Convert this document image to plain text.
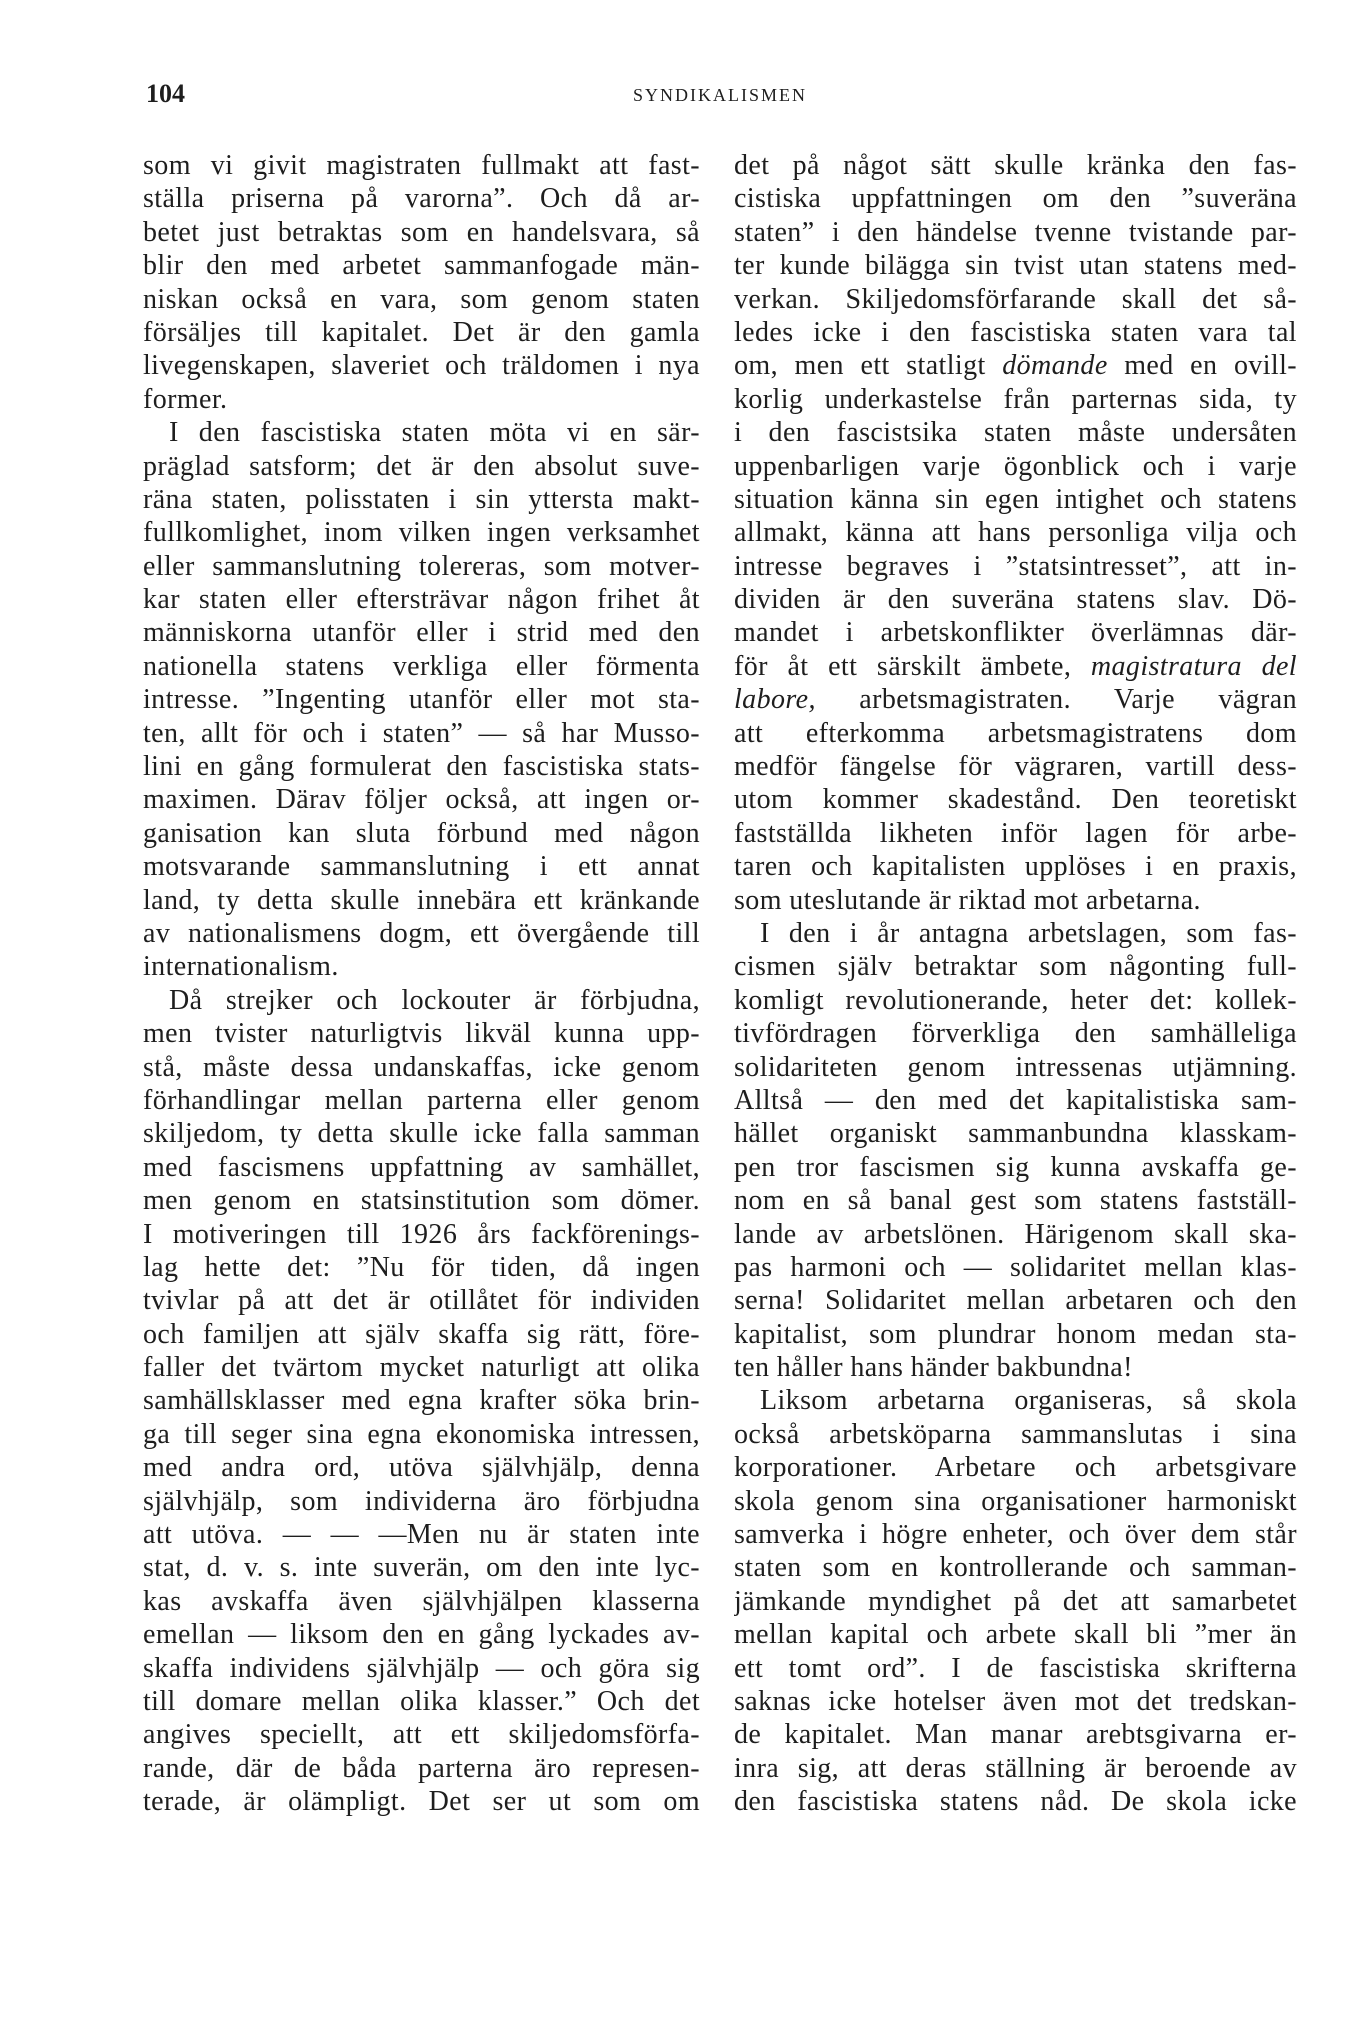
104	SYNDIKALISMEN
som vi givit magistraten fullmakt att fast-
ställa priserna på varorna”. Och då ar-
betet just betraktas som en handelsvara, så
blir den med arbetet sammanfogade män-
niskan också en vara, som genom staten
försäljes till kapitalet. Det är den gamla
livegenskapen, slaveriet och träldomen i nya
former.
I den fascistiska staten möta vi en sär-
präglad satsform; det är den absolut suve-
räna staten, polisstaten i sin yttersta makt-
fullkomlighet, inom vilken ingen verksamhet
eller sammanslutning tolereras, som motver-
kar staten eller eftersträvar någon frihet åt
människorna utanför eller i strid med den
nationella statens verkliga eller förmenta
intresse. ”Ingenting utanför eller mot sta-
ten, allt för och i staten” — så har Musso-
lini en gång formulerat den fascistiska stats-
maximen. Därav följer också, att ingen or-
ganisation kan sluta förbund med någon
motsvarande sammanslutning i ett annat
land, ty detta skulle innebära ett kränkande
av nationalismens dogm, ett övergående till
internationalism.
Då strejker och lockouter är förbjudna,
men tvister naturligtvis likväl kunna upp-
stå, måste dessa undanskaffas, icke genom
förhandlingar mellan parterna eller genom
skiljedom, ty detta skulle icke falla samman
med fascismens uppfattning av samhället,
men genom en statsinstitution som dömer.
I motiveringen till 1926 års fackförenings-
lag hette det: ”Nu för tiden, då ingen
tvivlar på att det är otillåtet för individen
och familjen att själv skaffa sig rätt, före-
faller det tvärtom mycket naturligt att olika
samhällsklasser med egna krafter söka brin-
ga till seger sina egna ekonomiska intressen,
med andra ord, utöva självhjälp, denna
självhjälp, som individerna äro förbjudna
att utöva. — — —Men nu är staten inte
stat, d. v. s. inte suverän, om den inte lyc-
kas avskaffa även självhjälpen klasserna
emellan — liksom den en gång lyckades av-
skaffa individens självhjälp — och göra sig
till domare mellan olika klasser.” Och det
angives speciellt, att ett skiljedomsförfa-
rande, där de båda parterna äro represen-
terade, är olämpligt. Det ser ut som om
det på något sätt skulle kränka den fas-
cistiska uppfattningen om den ”suveräna
staten” i den händelse tvenne tvistande par-
ter kunde bilägga sin tvist utan statens med-
verkan. Skiljedomsförfarande skall det så-
ledes icke i den fascistiska staten vara tal
om, men ett statligt dömande med en ovill-
korlig underkastelse från parternas sida, ty
i den fascistsika staten måste undersåten
uppenbarligen varje ögonblick och i varje
situation känna sin egen intighet och statens
allmakt, känna att hans personliga vilja och
intresse begraves i ”statsintresset”, att in-
dividen är den suveräna statens slav. Dö-
mandet i arbetskonflikter överlämnas där-
för åt ett särskilt ämbete, magistratura del
labore, arbetsmagistraten. Varje vägran
att efterkomma arbetsmagistratens dom
medför fängelse för vägraren, vartill dess-
utom kommer skadestånd. Den teoretiskt
fastställda likheten inför lagen för arbe-
taren och kapitalisten upplöses i en praxis,
som uteslutande är riktad mot arbetarna.
I den i år antagna arbetslagen, som fas-
cismen själv betraktar som någonting full-
komligt revolutionerande, heter det: kollek-
tivfördragen förverkliga den samhälleliga
solidariteten genom intressenas utjämning.
Alltså — den med det kapitalistiska sam-
hället organiskt sammanbundna klasskam-
pen tror fascismen sig kunna avskaffa ge-
nom en så banal gest som statens fastställ-
lande av arbetslönen. Härigenom skall ska-
pas harmoni och — solidaritet mellan klas-
serna! Solidaritet mellan arbetaren och den
kapitalist, som plundrar honom medan sta-
ten håller hans händer bakbundna!
Liksom arbetarna organiseras, så skola
också arbetsköparna sammanslutas i sina
korporationer. Arbetare och arbetsgivare
skola genom sina organisationer harmoniskt
samverka i högre enheter, och över dem står
staten som en kontrollerande och samman-
jämkande myndighet på det att samarbetet
mellan kapital och arbete skall bli ”mer än
ett tomt ord”. I de fascistiska skrifterna
saknas icke hotelser även mot det tredskan-
de kapitalet. Man manar arebtsgivarna er-
inra sig, att deras ställning är beroende av
den fascistiska statens nåd. De skola icke
